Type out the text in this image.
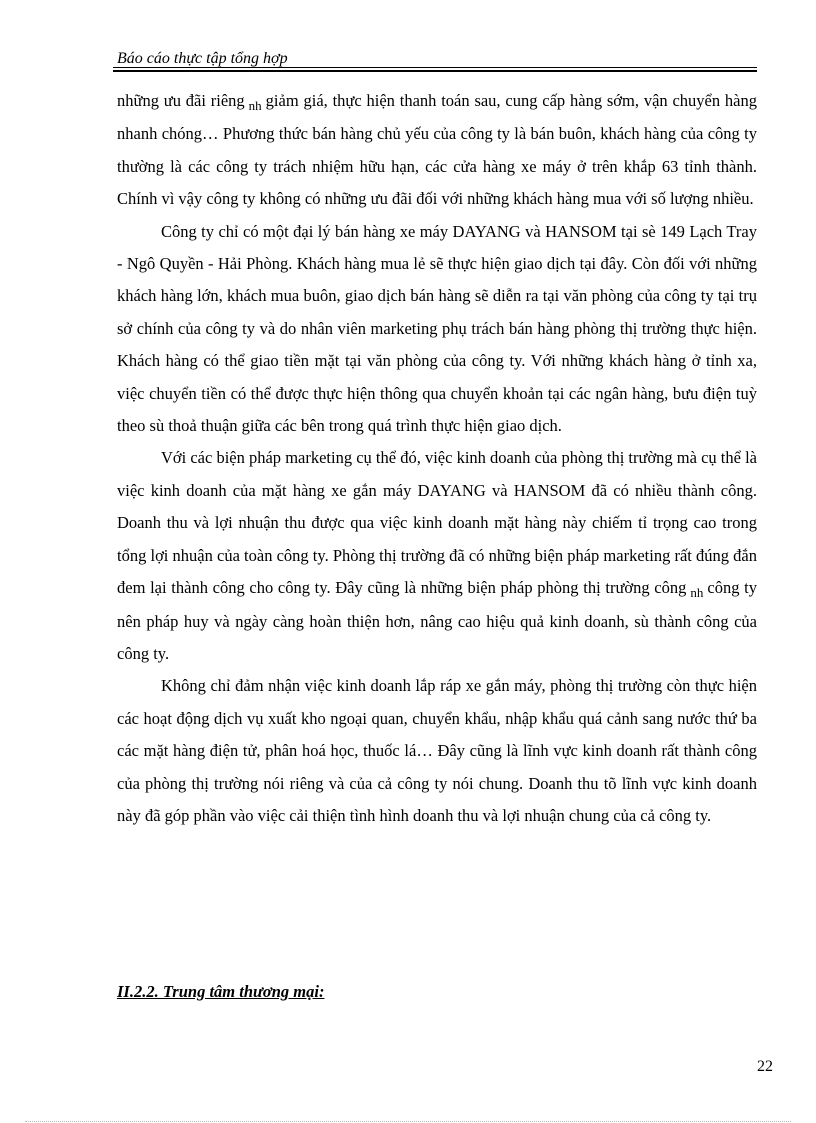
Báo cáo thực tập tổng hợp

những ưu đãi riêng $_{nh}$ giảm giá, thực hiện thanh toán sau, cung cấp hàng sớm, vận chuyển hàng nhanh chóng… Phương thức bán hàng chủ yếu của công ty là bán buôn, khách hàng của công ty thường là các công ty trách nhiệm hữu hạn, các cửa hàng xe máy ở trên khắp 63 tỉnh thành. Chính vì vậy công ty không có những ưu đãi đối với những khách hàng mua với số lượng nhiều.

Công ty chỉ có một đại lý bán hàng xe máy DAYANG và HANSOM tại sè 149 Lạch Tray - Ngô Quyền - Hải Phòng. Khách hàng mua lẻ sẽ thực hiện giao dịch tại đây. Còn đối với những khách hàng lớn, khách mua buôn, giao dịch bán hàng sẽ diễn ra tại văn phòng của công ty tại trụ sở chính của công ty và do nhân viên marketing phụ trách bán hàng phòng thị trường thực hiện. Khách hàng có thể giao tiền mặt tại văn phòng của công ty. Với những khách hàng ở tỉnh xa, việc chuyển tiền có thể được thực hiện thông qua chuyển khoản tại các ngân hàng, bưu điện tuỳ theo sù thoả thuận giữa các bên trong quá trình thực hiện giao dịch.

Với các biện pháp marketing cụ thể đó, việc kinh doanh của phòng thị trường mà cụ thể là việc kinh doanh của mặt hàng xe gắn máy DAYANG và HANSOM đã có nhiều thành công. Doanh thu và lợi nhuận thu được qua việc kinh doanh mặt hàng này chiếm tỉ trọng cao trong tổng lợi nhuận của toàn công ty. Phòng thị trường đã có những biện pháp marketing rất đúng đắn đem lại thành công cho công ty. Đây cũng là những biện pháp phòng thị trường công $_{nh}$ công ty nên pháp huy và ngày càng hoàn thiện hơn, nâng cao hiệu quả kinh doanh, sù thành công của công ty.

Không chỉ đảm nhận việc kinh doanh lắp ráp xe gắn máy, phòng thị trường còn thực hiện các hoạt động dịch vụ xuất kho ngoại quan, chuyển khẩu, nhập khẩu quá cảnh sang nước thứ ba các mặt hàng điện tử, phân hoá học, thuốc lá… Đây cũng là lĩnh vực kinh doanh rất thành công của phòng thị trường nói riêng và của cả công ty nói chung. Doanh thu tõ lĩnh vực kinh doanh này đã góp phần vào việc cải thiện tình hình doanh thu và lợi nhuận chung của cả công ty.

II.2.2. Trung tâm thương mại:
22
